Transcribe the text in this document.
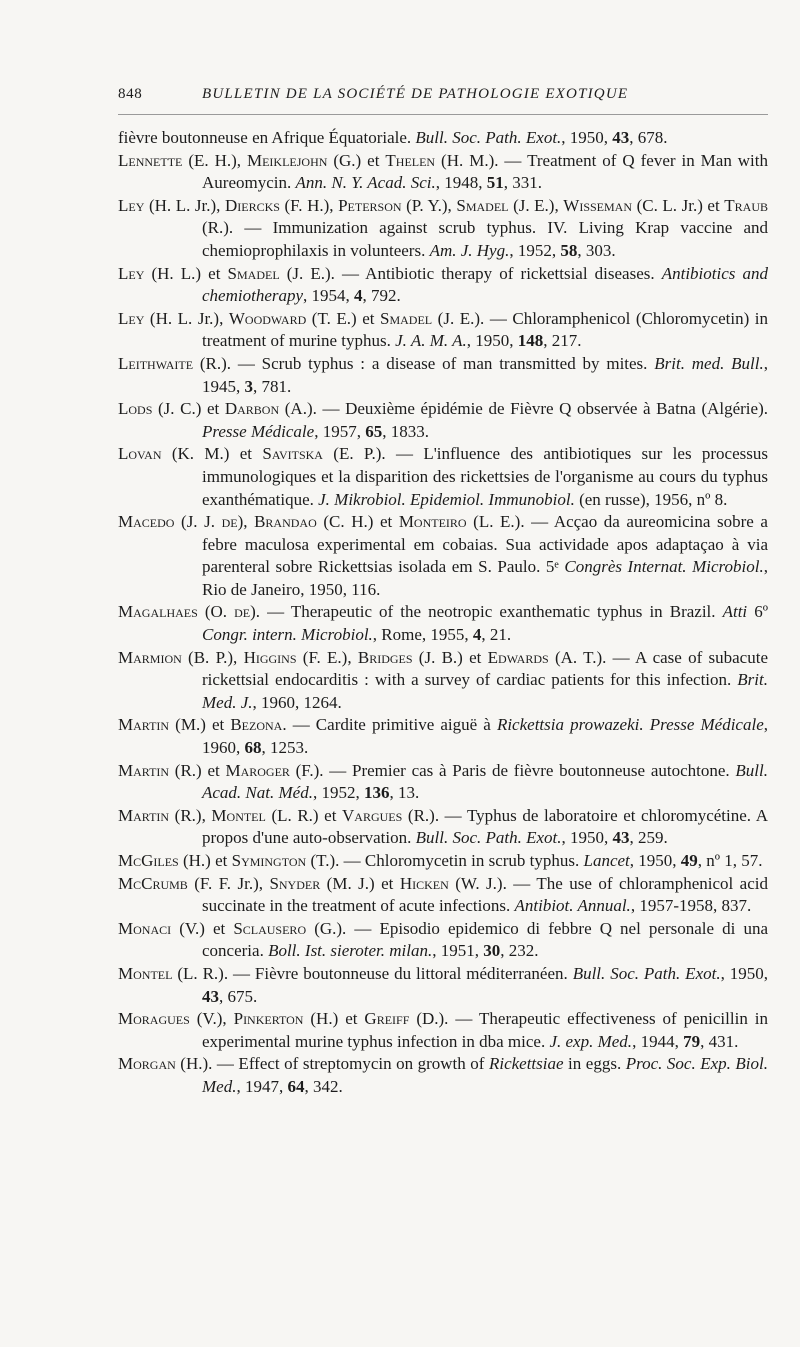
848	BULLETIN DE LA SOCIÉTÉ DE PATHOLOGIE EXOTIQUE

fièvre boutonneuse en Afrique Équatoriale. Bull. Soc. Path. Exot., 1950, 43, 678.

Lennette (E. H.), Meiklejohn (G.) et Thelen (H. M.). — Treatment of Q fever in Man with Aureomycin. Ann. N. Y. Acad. Sci., 1948, 51, 331.

Ley (H. L. Jr.), Diercks (F. H.), Peterson (P. Y.), Smadel (J. E.), Wisseman (C. L. Jr.) et Traub (R.). — Immunization against scrub typhus. IV. Living Krap vaccine and chemioprophilaxis in volunteers. Am. J. Hyg., 1952, 58, 303.

Ley (H. L.) et Smadel (J. E.). — Antibiotic therapy of rickettsial diseases. Antibiotics and chemiotherapy, 1954, 4, 792.

Ley (H. L. Jr.), Woodward (T. E.) et Smadel (J. E.). — Chloramphenicol (Chloromycetin) in treatment of murine typhus. J. A. M. A., 1950, 148, 217.

Leithwaite (R.). — Scrub typhus : a disease of man transmitted by mites. Brit. med. Bull., 1945, 3, 781.

Lods (J. C.) et Darbon (A.). — Deuxième épidémie de Fièvre Q observée à Batna (Algérie). Presse Médicale, 1957, 65, 1833.

Lovan (K. M.) et Savitska (E. P.). — L'influence des antibiotiques sur les processus immunologiques et la disparition des rickettsies de l'organisme au cours du typhus exanthématique. J. Mikrobiol. Epidemiol. Immunobiol. (en russe), 1956, nº 8.

Macedo (J. J. de), Brandao (C. H.) et Monteiro (L. E.). — Acçao da aureomicina sobre a febre maculosa experimental em cobaias. Sua actividade apos adaptaçao à via parenteral sobre Rickettsias isolada em S. Paulo. 5ᵉ Congrès Internat. Microbiol., Rio de Janeiro, 1950, 116.

Magalhaes (O. de). — Therapeutic of the neotropic exanthematic typhus in Brazil. Atti 6º Congr. intern. Microbiol., Rome, 1955, 4, 21.

Marmion (B. P.), Higgins (F. E.), Bridges (J. B.) et Edwards (A. T.). — A case of subacute rickettsial endocarditis : with a survey of cardiac patients for this infection. Brit. Med. J., 1960, 1264.

Martin (M.) et Bezona. — Cardite primitive aiguë à Rickettsia prowazeki. Presse Médicale, 1960, 68, 1253.

Martin (R.) et Maroger (F.). — Premier cas à Paris de fièvre boutonneuse autochtone. Bull. Acad. Nat. Méd., 1952, 136, 13.

Martin (R.), Montel (L. R.) et Vargues (R.). — Typhus de laboratoire et chloromycétine. A propos d'une auto-observation. Bull. Soc. Path. Exot., 1950, 43, 259.

McGiles (H.) et Symington (T.). — Chloromycetin in scrub typhus. Lancet, 1950, 49, nº 1, 57.

McCrumb (F. F. Jr.), Snyder (M. J.) et Hicken (W. J.). — The use of chloramphenicol acid succinate in the treatment of acute infections. Antibiot. Annual., 1957-1958, 837.

Monaci (V.) et Sclausero (G.). — Episodio epidemico di febbre Q nel personale di una conceria. Boll. Ist. sieroter. milan., 1951, 30, 232.

Montel (L. R.). — Fièvre boutonneuse du littoral méditerranéen. Bull. Soc. Path. Exot., 1950, 43, 675.

Moragues (V.), Pinkerton (H.) et Greiff (D.). — Therapeutic effectiveness of penicillin in experimental murine typhus infection in dba mice. J. exp. Med., 1944, 79, 431.

Morgan (H.). — Effect of streptomycin on growth of Rickettsiae in eggs. Proc. Soc. Exp. Biol. Med., 1947, 64, 342.
